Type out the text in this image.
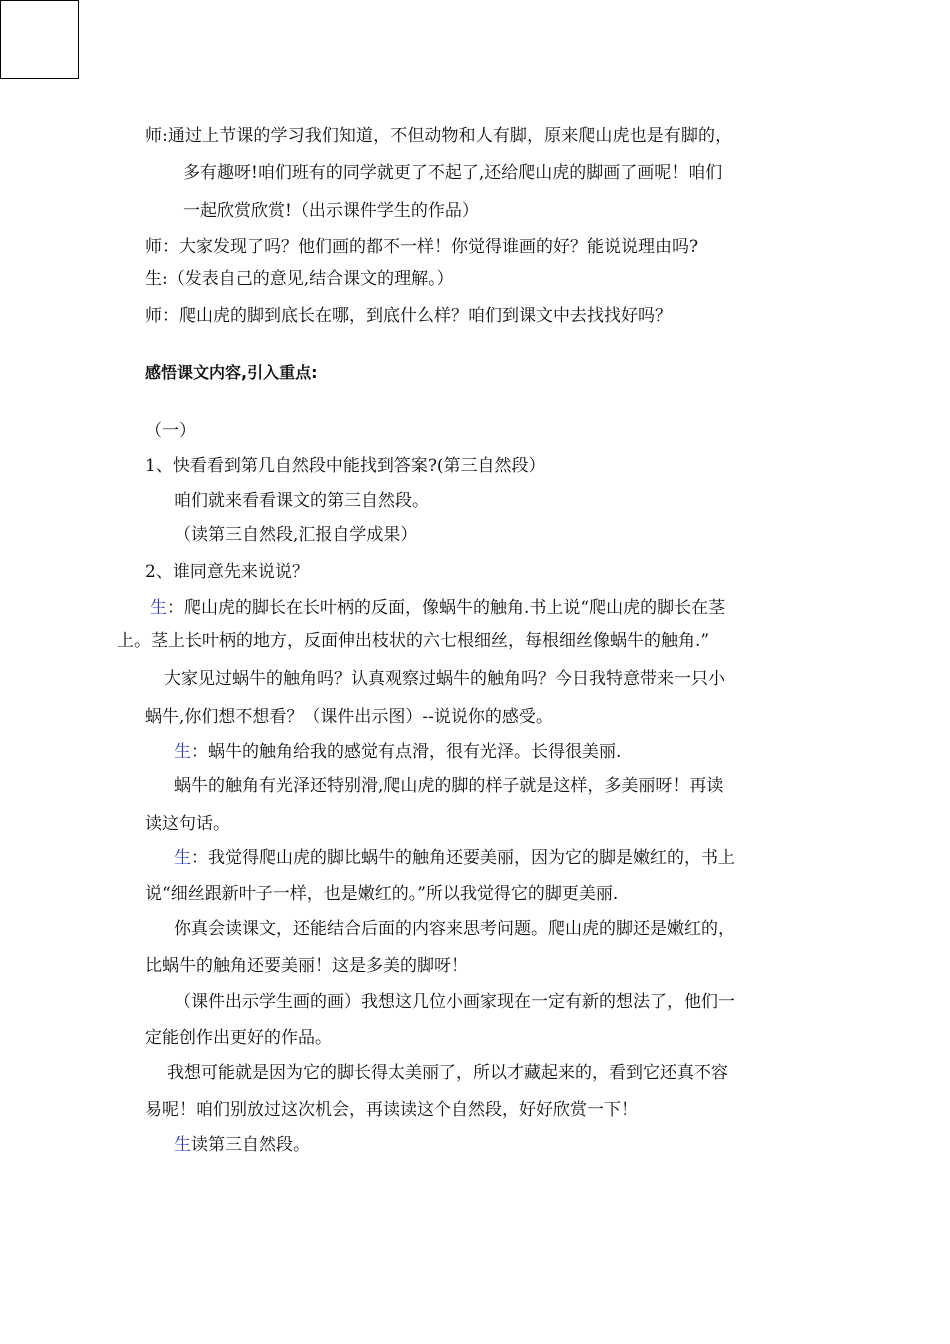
师:通过上节课的学习我们知道，不但动物和人有脚，原来爬山虎也是有脚的，
多有趣呀!咱们班有的同学就更了不起了,还给爬山虎的脚画了画呢！咱们
一起欣赏欣赏!（出示课件学生的作品）
师：大家发现了吗？他们画的都不一样！你觉得谁画的好？能说说理由吗?
生:（发表自己的意见,结合课文的理解。）
师：爬山虎的脚到底长在哪，到底什么样？咱们到课文中去找找好吗？
感悟课文内容,引入重点:
（一）
1、快看看到第几自然段中能找到答案?(第三自然段）
咱们就来看看课文的第三自然段。
（读第三自然段,汇报自学成果）
2、谁同意先来说说？
生：爬山虎的脚长在长叶柄的反面，像蜗牛的触角.书上说“爬山虎的脚长在茎
上。茎上长叶柄的地方，反面伸出枝状的六七根细丝，每根细丝像蜗牛的触角.”
大家见过蜗牛的触角吗？认真观察过蜗牛的触角吗？今日我特意带来一只小
蜗牛,你们想不想看？（课件出示图）--说说你的感受。
生：蜗牛的触角给我的感觉有点滑，很有光泽。长得很美丽.
蜗牛的触角有光泽还特别滑,爬山虎的脚的样子就是这样，多美丽呀！再读
读这句话。
生：我觉得爬山虎的脚比蜗牛的触角还要美丽，因为它的脚是嫩红的，书上
说“细丝跟新叶子一样，也是嫩红的。”所以我觉得它的脚更美丽.
你真会读课文，还能结合后面的内容来思考问题。爬山虎的脚还是嫩红的，
比蜗牛的触角还要美丽！这是多美的脚呀！
（课件出示学生画的画）我想这几位小画家现在一定有新的想法了，他们一
定能创作出更好的作品。
我想可能就是因为它的脚长得太美丽了，所以才藏起来的，看到它还真不容
易呢！咱们别放过这次机会，再读读这个自然段，好好欣赏一下！
生读第三自然段。
